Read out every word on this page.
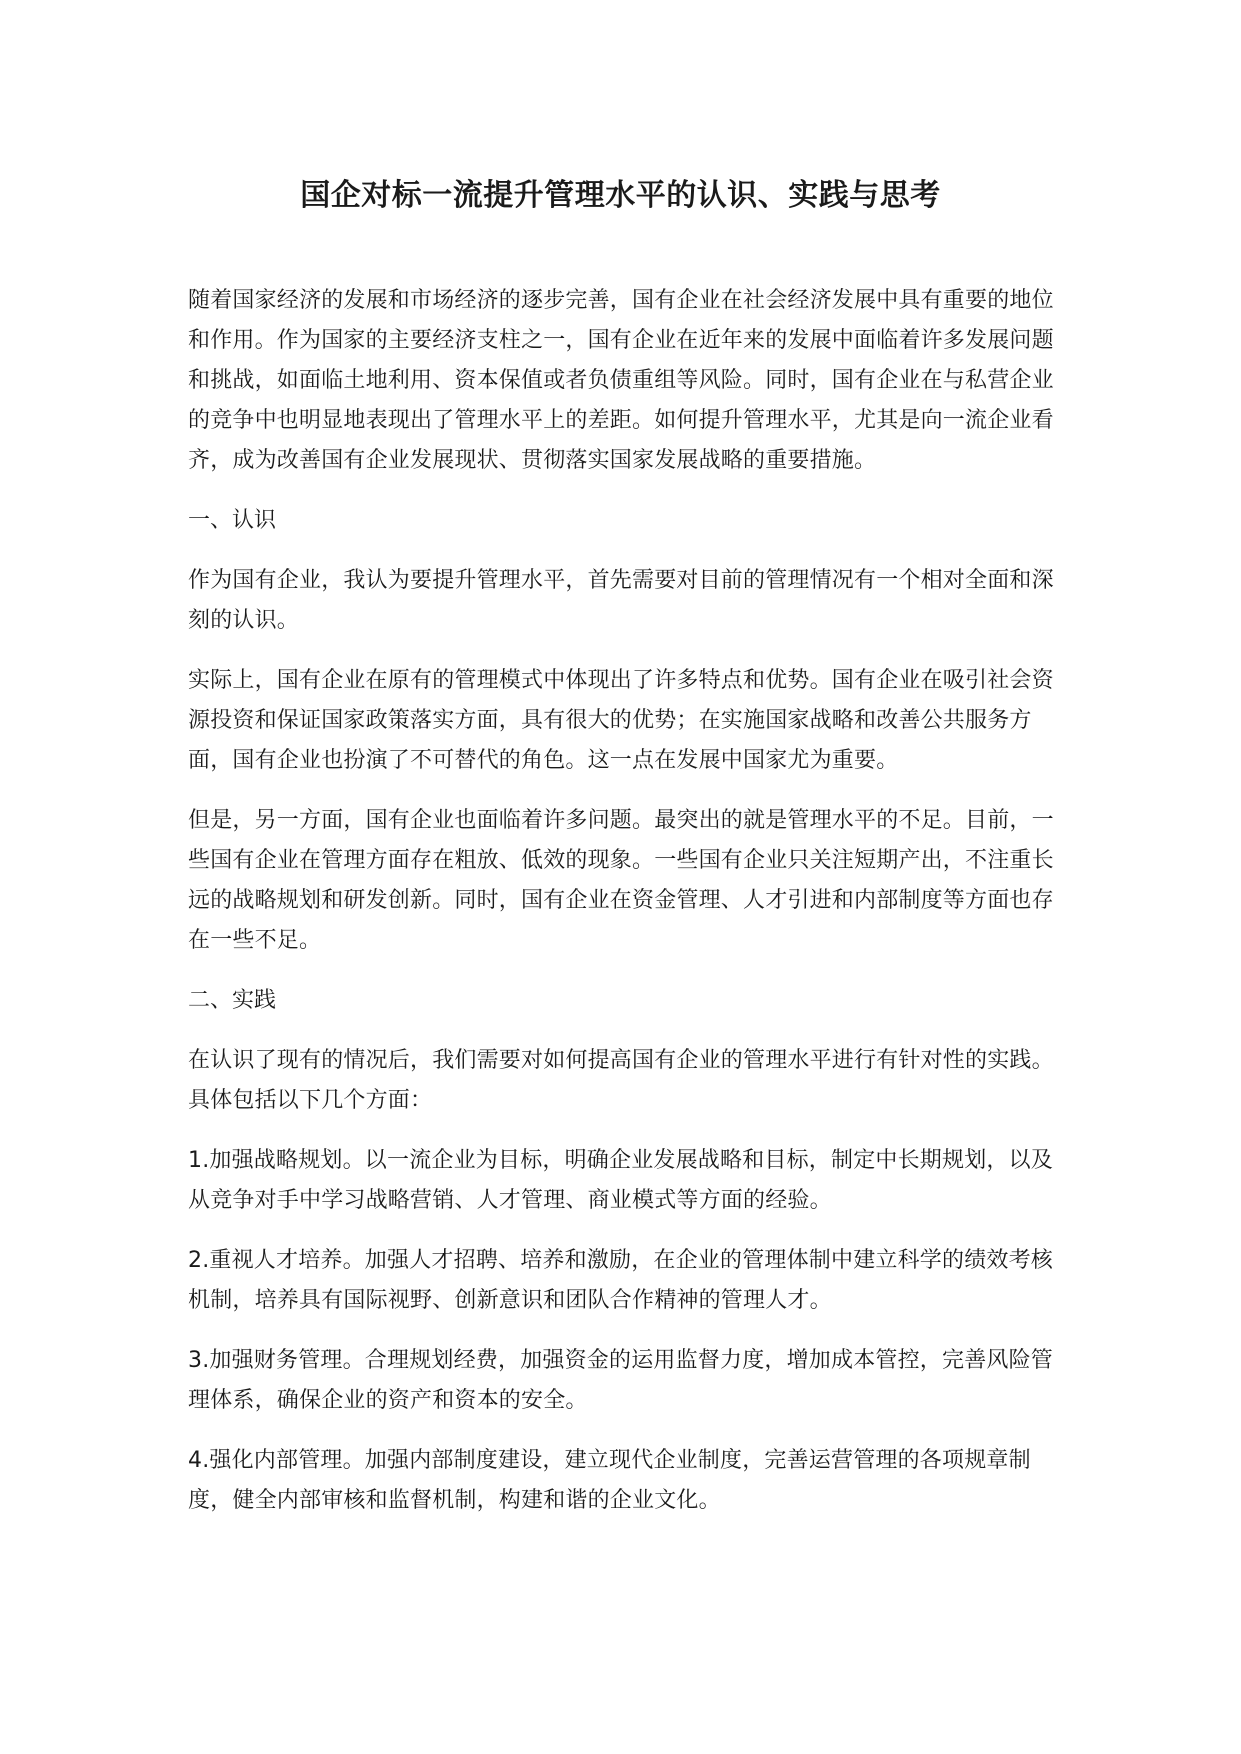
国企对标一流提升管理水平的认识、实践与思考

随着国家经济的发展和市场经济的逐步完善，国有企业在社会经济发展中具有重要的地位和作用。作为国家的主要经济支柱之一，国有企业在近年来的发展中面临着许多发展问题和挑战，如面临土地利用、资本保值或者负债重组等风险。同时，国有企业在与私营企业的竞争中也明显地表现出了管理水平上的差距。如何提升管理水平，尤其是向一流企业看齐，成为改善国有企业发展现状、贯彻落实国家发展战略的重要措施。

一、认识

作为国有企业，我认为要提升管理水平，首先需要对目前的管理情况有一个相对全面和深刻的认识。

实际上，国有企业在原有的管理模式中体现出了许多特点和优势。国有企业在吸引社会资源投资和保证国家政策落实方面，具有很大的优势；在实施国家战略和改善公共服务方面，国有企业也扮演了不可替代的角色。这一点在发展中国家尤为重要。

但是，另一方面，国有企业也面临着许多问题。最突出的就是管理水平的不足。目前，一些国有企业在管理方面存在粗放、低效的现象。一些国有企业只关注短期产出，不注重长远的战略规划和研发创新。同时，国有企业在资金管理、人才引进和内部制度等方面也存在一些不足。

二、实践

在认识了现有的情况后，我们需要对如何提高国有企业的管理水平进行有针对性的实践。具体包括以下几个方面：

1.加强战略规划。以一流企业为目标，明确企业发展战略和目标，制定中长期规划，以及从竞争对手中学习战略营销、人才管理、商业模式等方面的经验。

2.重视人才培养。加强人才招聘、培养和激励，在企业的管理体制中建立科学的绩效考核机制，培养具有国际视野、创新意识和团队合作精神的管理人才。

3.加强财务管理。合理规划经费，加强资金的运用监督力度，增加成本管控，完善风险管理体系，确保企业的资产和资本的安全。

4.强化内部管理。加强内部制度建设，建立现代企业制度，完善运营管理的各项规章制度，健全内部审核和监督机制，构建和谐的企业文化。
